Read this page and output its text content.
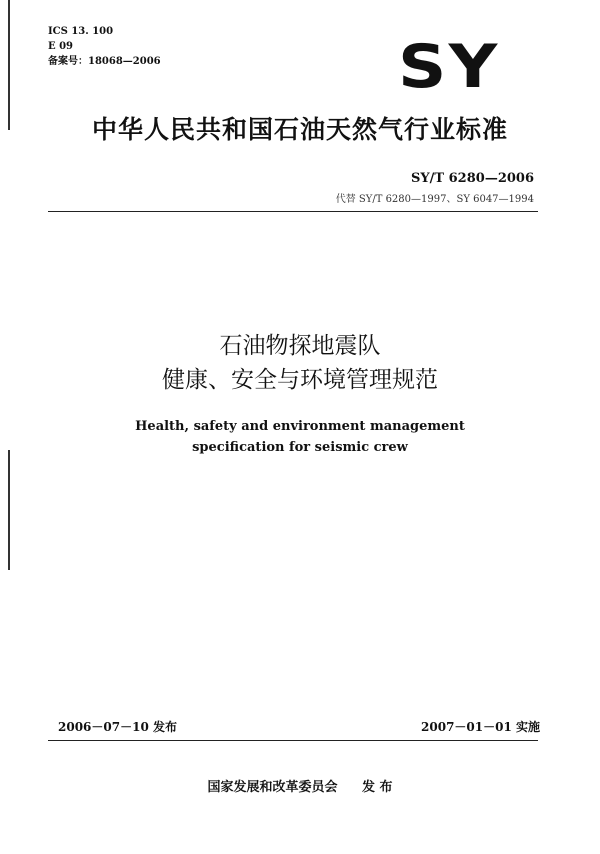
ICS 13. 100
E 09
备案号：18068—2006	SY
中华人民共和国石油天然气行业标准
SY/T 6280—2006
代替 SY/T 6280—1997、SY 6047—1994
石油物探地震队
健康、安全与环境管理规范
Health, safety and environment management
specification for seismic crew
2006－07－10 发布	2007－01－01 实施
国家发展和改革委员会 发 布
